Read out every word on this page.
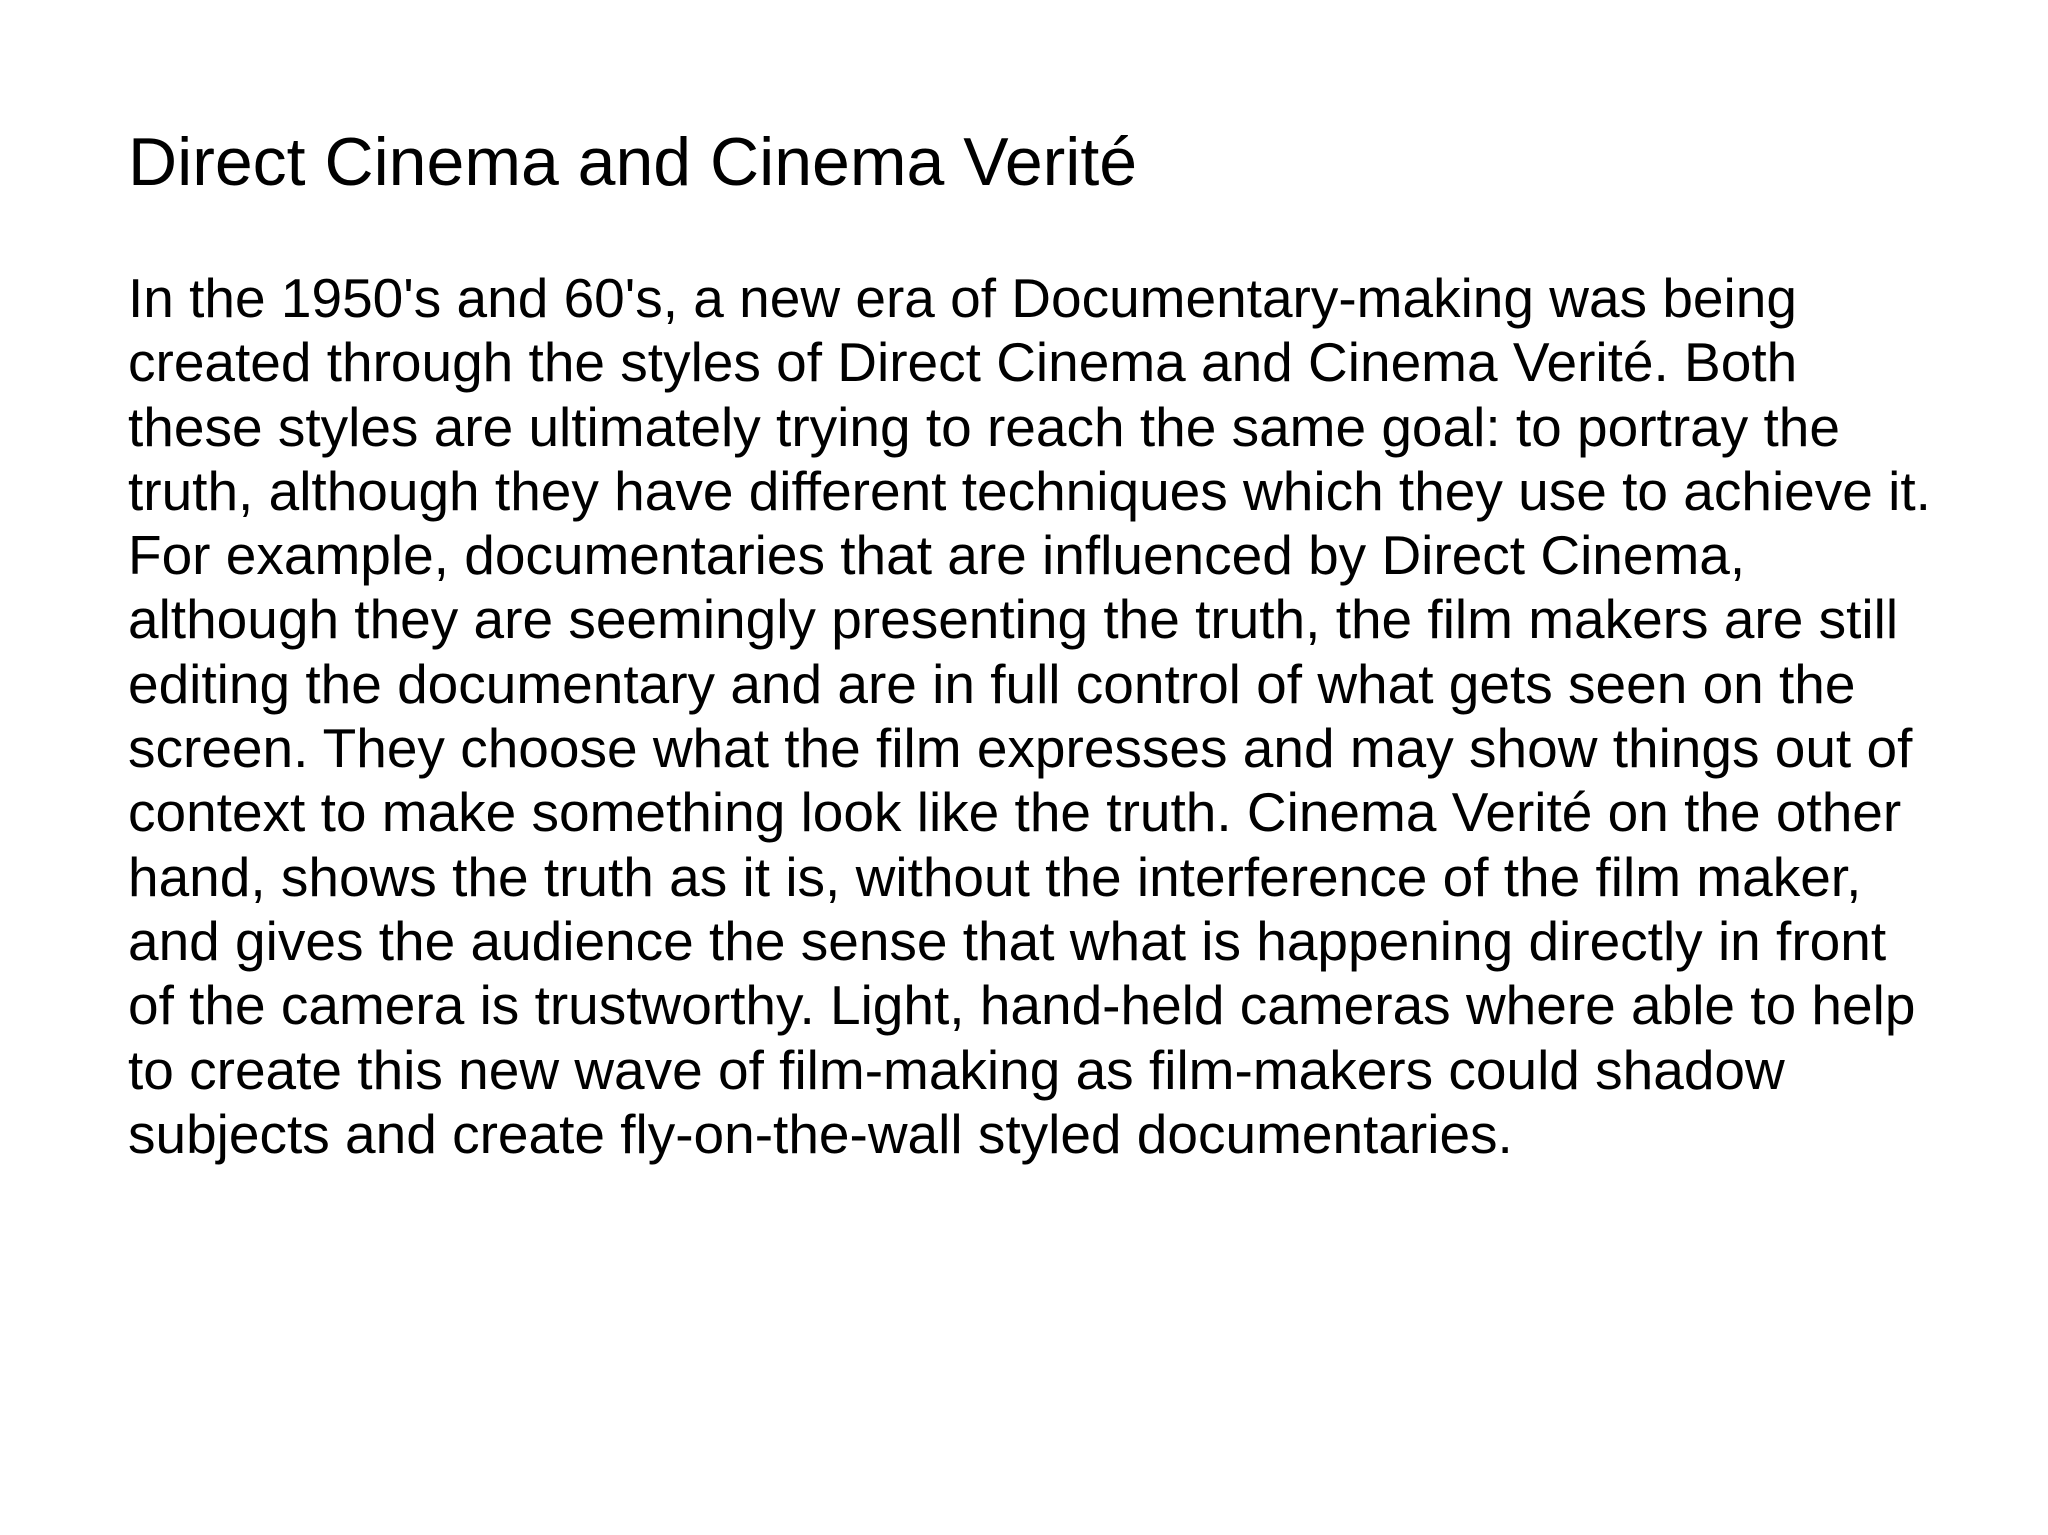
Direct Cinema and Cinema Verité
In the 1950's and 60's, a new era of Documentary-making was being
created through the styles of Direct Cinema and Cinema Verité. Both
these styles are ultimately trying to reach the same goal: to portray the
truth, although they have different techniques which they use to achieve it.
For example, documentaries that are influenced by Direct Cinema,
although they are seemingly presenting the truth, the film makers are still
editing the documentary and are in full control of what gets seen on the
screen. They choose what the film expresses and may show things out of
context to make something look like the truth. Cinema Verité on the other
hand, shows the truth as it is, without the interference of the film maker,
and gives the audience the sense that what is happening directly in front
of the camera is trustworthy. Light, hand-held cameras where able to help
to create this new wave of film-making as film-makers could shadow
subjects and create fly-on-the-wall styled documentaries.
